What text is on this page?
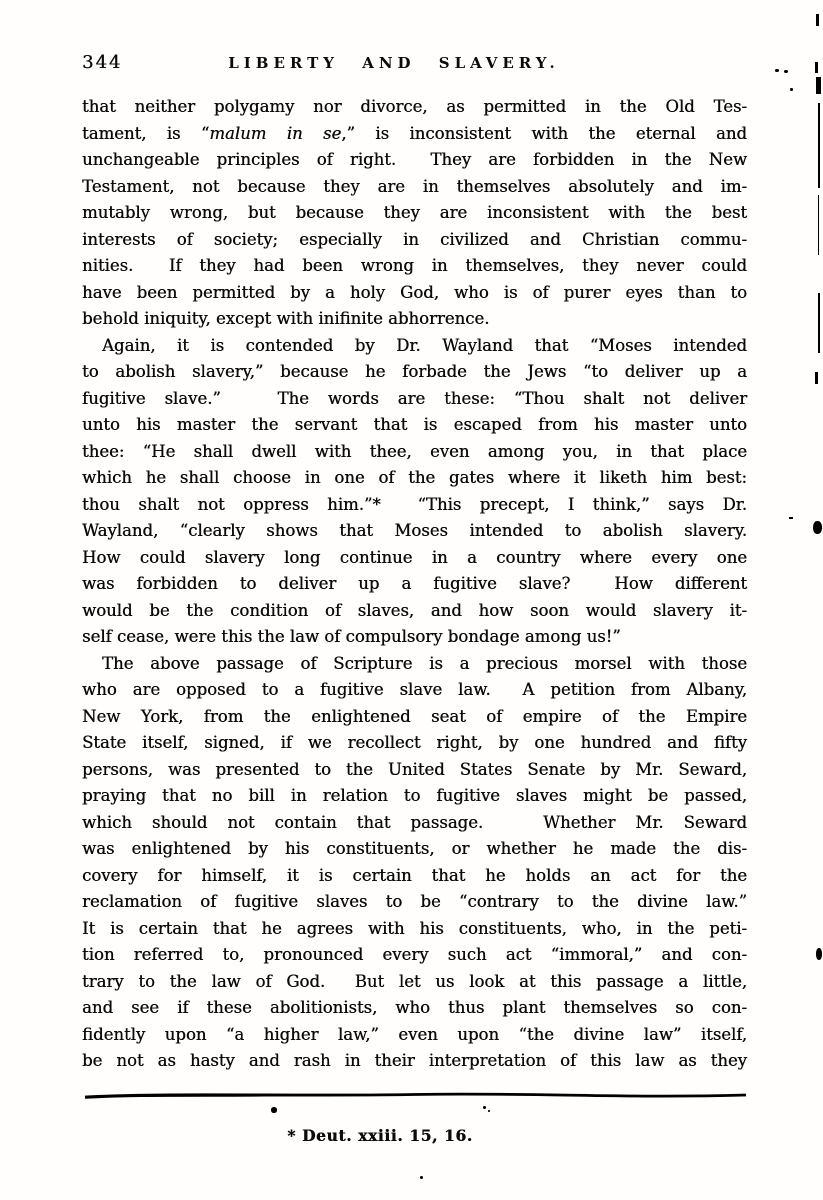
344	LIBERTY AND SLAVERY.
that neither polygamy nor divorce, as permitted in the Old Tes-
tament, is “malum in se,” is inconsistent with the eternal and
unchangeable principles of right.  They are forbidden in the New
Testament, not because they are in themselves absolutely and im-
mutably wrong, but because they are inconsistent with the best
interests of society; especially in civilized and Christian commu-
nities.  If they had been wrong in themselves, they never could
have been permitted by a holy God, who is of purer eyes than to
behold iniquity, except with inifinite abhorrence.
Again, it is contended by Dr. Wayland that “Moses intended
to abolish slavery,” because he forbade the Jews “to deliver up a
fugitive slave.”   The words are these: “Thou shalt not deliver
unto his master the servant that is escaped from his master unto
thee: “He shall dwell with thee, even among you, in that place
which he shall choose in one of the gates where it liketh him best:
thou shalt not oppress him.”*  “This precept, I think,” says Dr.
Wayland, “clearly shows that Moses intended to abolish slavery.
How could slavery long continue in a country where every one
was forbidden to deliver up a fugitive slave?  How different
would be the condition of slaves, and how soon would slavery it-
self cease, were this the law of compulsory bondage among us!”
The above passage of Scripture is a precious morsel with those
who are opposed to a fugitive slave law.  A petition from Albany,
New York, from the enlightened seat of empire of the Empire
State itself, signed, if we recollect right, by one hundred and fifty
persons, was presented to the United States Senate by Mr. Seward,
praying that no bill in relation to fugitive slaves might be passed,
which should not contain that passage.   Whether Mr. Seward
was enlightened by his constituents, or whether he made the dis-
covery for himself, it is certain that he holds an act for the
reclamation of fugitive slaves to be “contrary to the divine law.”
It is certain that he agrees with his constituents, who, in the peti-
tion referred to, pronounced every such act “immoral,” and con-
trary to the law of God.  But let us look at this passage a little,
and see if these abolitionists, who thus plant themselves so con-
fidently upon “a higher law,” even upon “the divine law” itself,
be not as hasty and rash in their interpretation of this law as they
* Deut. xxiii. 15, 16.
